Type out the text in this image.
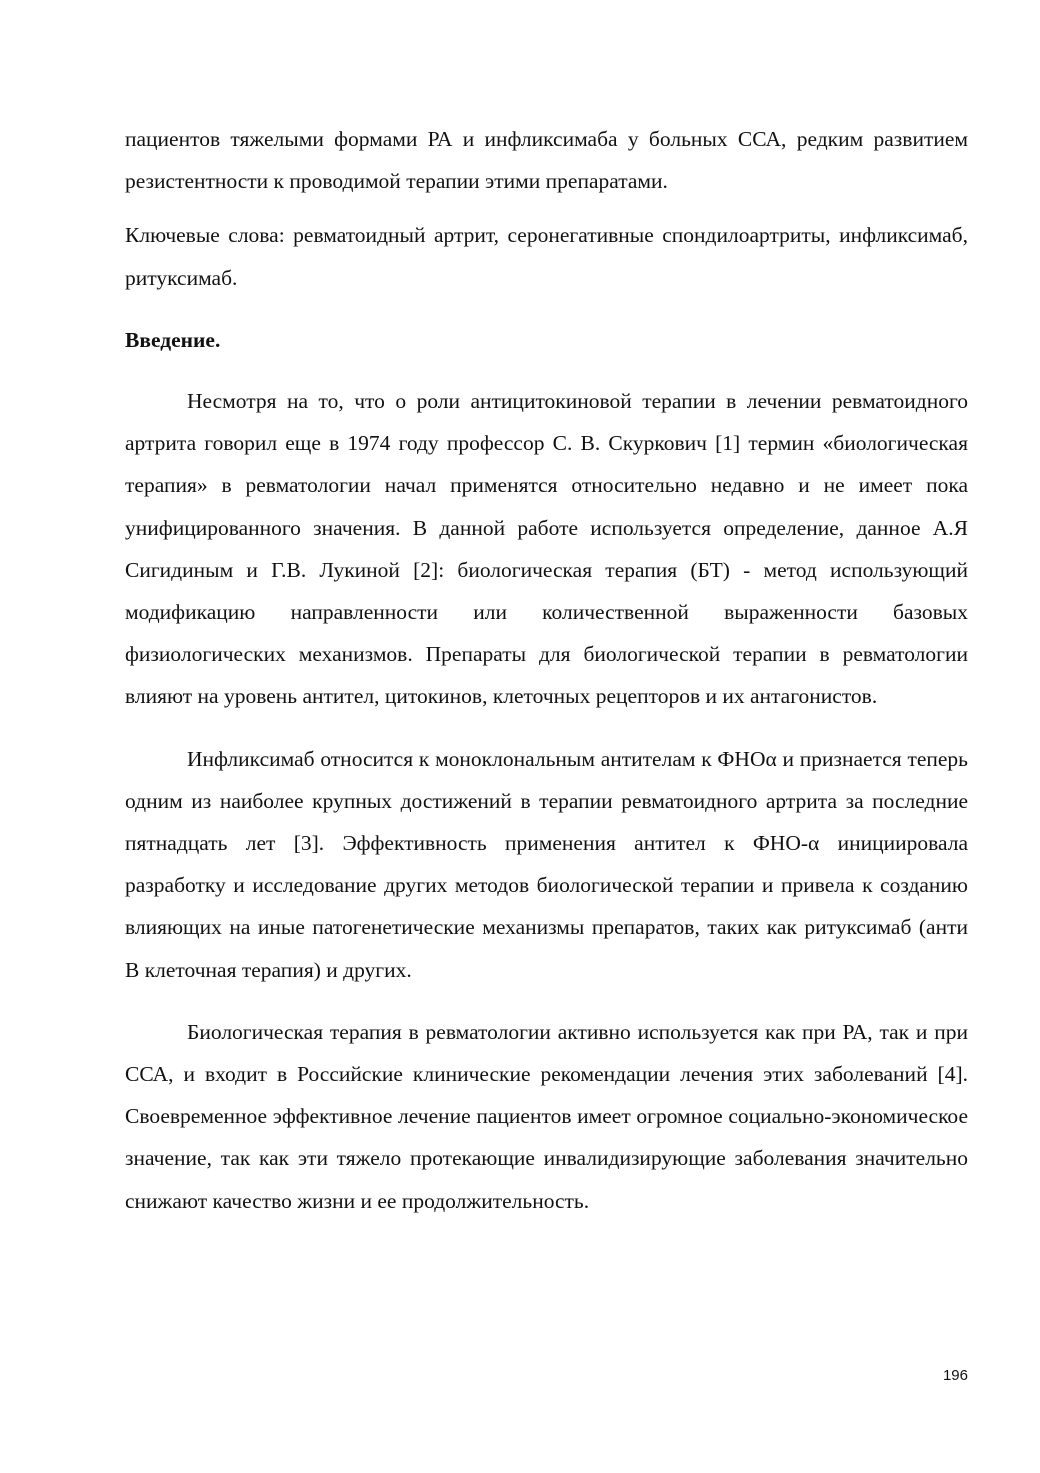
пациентов тяжелыми формами РА и инфликсимаба у больных ССА, редким развитием резистентности к проводимой терапии этими препаратами.

Ключевые слова: ревматоидный артрит, серонегативные спондилоартриты, инфликсимаб, ритуксимаб.

Введение.

Несмотря на то, что о роли антицитокиновой терапии в лечении ревматоидного артрита говорил еще в 1974 году профессор С. В. Скуркович [1] термин «биологическая терапия» в ревматологии начал применятся относительно недавно и не имеет пока унифицированного значения. В данной работе используется определение, данное А.Я Сигидиным и Г.В. Лукиной [2]: биологическая терапия (БТ) - метод использующий модификацию направленности или количественной выраженности базовых физиологических механизмов. Препараты для биологической терапии в ревматологии влияют на уровень антител, цитокинов, клеточных рецепторов и их антагонистов.

Инфликсимаб относится к моноклональным антителам к ФНОα и признается теперь одним из наиболее крупных достижений в терапии ревматоидного артрита за последние пятнадцать лет [3]. Эффективность применения антител к ФНО-α инициировала разработку и исследование других методов биологической терапии и привела к созданию влияющих на иные патогенетические механизмы препаратов, таких как ритуксимаб (анти B клеточная терапия) и других.

Биологическая терапия в ревматологии активно используется как при РА, так и при ССА, и входит в Российские клинические рекомендации лечения этих заболеваний [4]. Своевременное эффективное лечение пациентов имеет огромное социально-экономическое значение, так как эти тяжело протекающие инвалидизирующие заболевания значительно снижают качество жизни и ее продолжительность.

196
